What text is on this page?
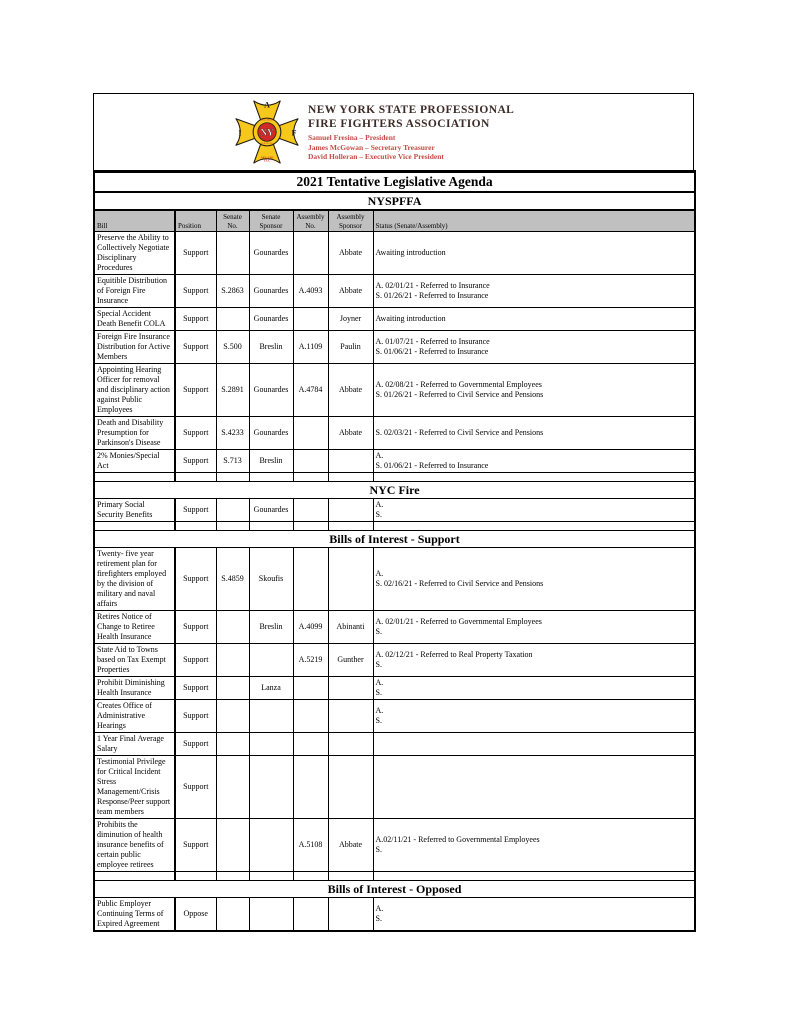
ORGANIZED
FEB 28 1918
NY
A
I	F
AFL-CIO
CLC
NEW YORK STATE PROFESSIONAL
FIRE FIGHTERS ASSOCIATION
Samuel Fresina – President
James McGowan – Secretary Treasurer
David Holleran – Executive Vice President
2021 Tentative Legislative Agenda						
NYSPFFA						
Bill	Position	Senate No.	Senate Sponsor	Assembly No.	Assembly Sponsor	Status (Senate/Assembly)
Preserve the Ability to Collectively Negotiate Disciplinary Procedures	Support		Gounardes		Abbate	Awaiting introduction

Equitible Distribution of Foreign Fire Insurance	Support	S.2863	Gounardes	A.4093	Abbate	A. 02/01/21 - Referred to Insurance
S. 01/26/21 - Referred to Insurance

Special Accident Death Benefit COLA	Support		Gounardes		Joyner	Awaiting introduction

Foreign Fire Insurance Distribution for Active Members	Support	S.500	Breslin	A.1109	Paulin	A. 01/07/21 - Referred to Insurance
S. 01/06/21 - Referred to Insurance

Appointing Hearing Officer for removal and disciplinary action against Public Employees	Support	S.2891	Gounardes	A.4784	Abbate	A. 02/08/21 - Referred to Governmental Employees
S. 01/26/21 - Referred to Civil Service and Pensions

Death and Disability Presumption for Parkinson's Disease	Support	S.4233	Gounardes		Abbate	S. 02/03/21 - Referred to Civil Service and Pensions

2% Monies/Special Act	Support	S.713	Breslin			A.
S. 01/06/21 - Referred to Insurance

NYC Fire						
Primary Social Security Benefits	Support		Gounardes			A.
S.

Bills of Interest - Support						
Twenty- five year retirement plan for firefighters employed by the division of military and naval affairs	Support	S.4859	Skoufis			A.
S. 02/16/21 - Referred to Civil Service and Pensions

Retires Notice of Change to Retiree Health Insurance	Support		Breslin	A.4099	Abinanti	A. 02/01/21 - Referred to Governmental Employees
S.

State Aid to Towns based on Tax Exempt Properties	Support			A.5219	Gunther	A. 02/12/21 - Referred to Real Property Taxation
S.

Prohibit Diminishing Health Insurance	Support		Lanza			A.
S.

Creates Office of Administrative Hearings	Support					A.
S.

1 Year Final Average Salary	Support					
Testimonial Privilege for Critical Incident Stress Management/Crisis Response/Peer support team members	Support					
Prohibits the diminution of health insurance benefits of certain public employee retirees	Support			A.5108	Abbate	A.02/11/21 - Referred to Governmental Employees
S.

Bills of Interest - Opposed						
Public Employer Continuing Terms of Expired Agreement	Oppose					A.
S.
